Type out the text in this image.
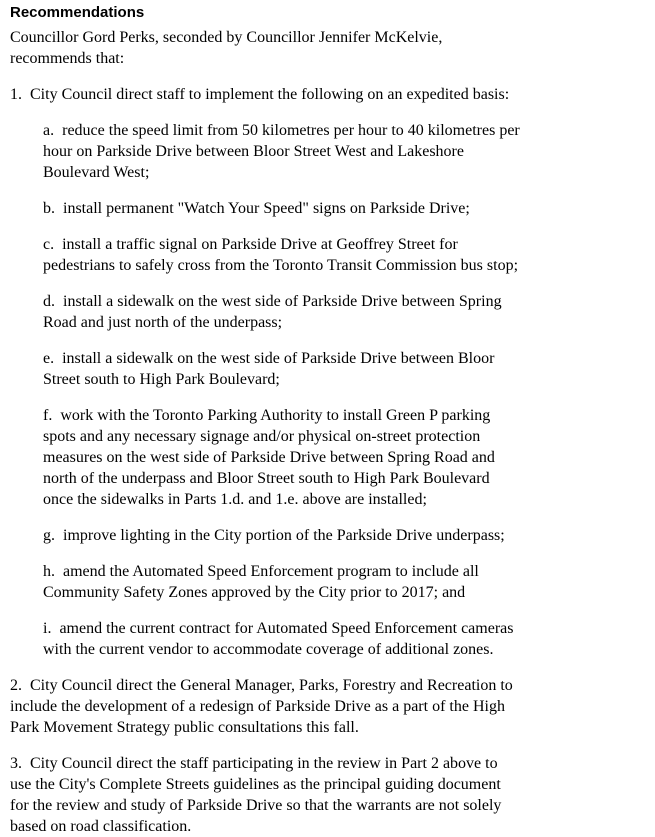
Recommendations

Councillor Gord Perks, seconded by Councillor Jennifer McKelvie, recommends that:

1. City Council direct staff to implement the following on an expedited basis:

a. reduce the speed limit from 50 kilometres per hour to 40 kilometres per hour on Parkside Drive between Bloor Street West and Lakeshore Boulevard West;

b. install permanent "Watch Your Speed" signs on Parkside Drive;

c. install a traffic signal on Parkside Drive at Geoffrey Street for pedestrians to safely cross from the Toronto Transit Commission bus stop;

d. install a sidewalk on the west side of Parkside Drive between Spring Road and just north of the underpass;

e. install a sidewalk on the west side of Parkside Drive between Bloor Street south to High Park Boulevard;

f. work with the Toronto Parking Authority to install Green P parking spots and any necessary signage and/or physical on-street protection measures on the west side of Parkside Drive between Spring Road and north of the underpass and Bloor Street south to High Park Boulevard once the sidewalks in Parts 1.d. and 1.e. above are installed;

g. improve lighting in the City portion of the Parkside Drive underpass;

h. amend the Automated Speed Enforcement program to include all Community Safety Zones approved by the City prior to 2017; and

i. amend the current contract for Automated Speed Enforcement cameras with the current vendor to accommodate coverage of additional zones.

2. City Council direct the General Manager, Parks, Forestry and Recreation to include the development of a redesign of Parkside Drive as a part of the High Park Movement Strategy public consultations this fall.

3. City Council direct the staff participating in the review in Part 2 above to use the City's Complete Streets guidelines as the principal guiding document for the review and study of Parkside Drive so that the warrants are not solely based on road classification.
